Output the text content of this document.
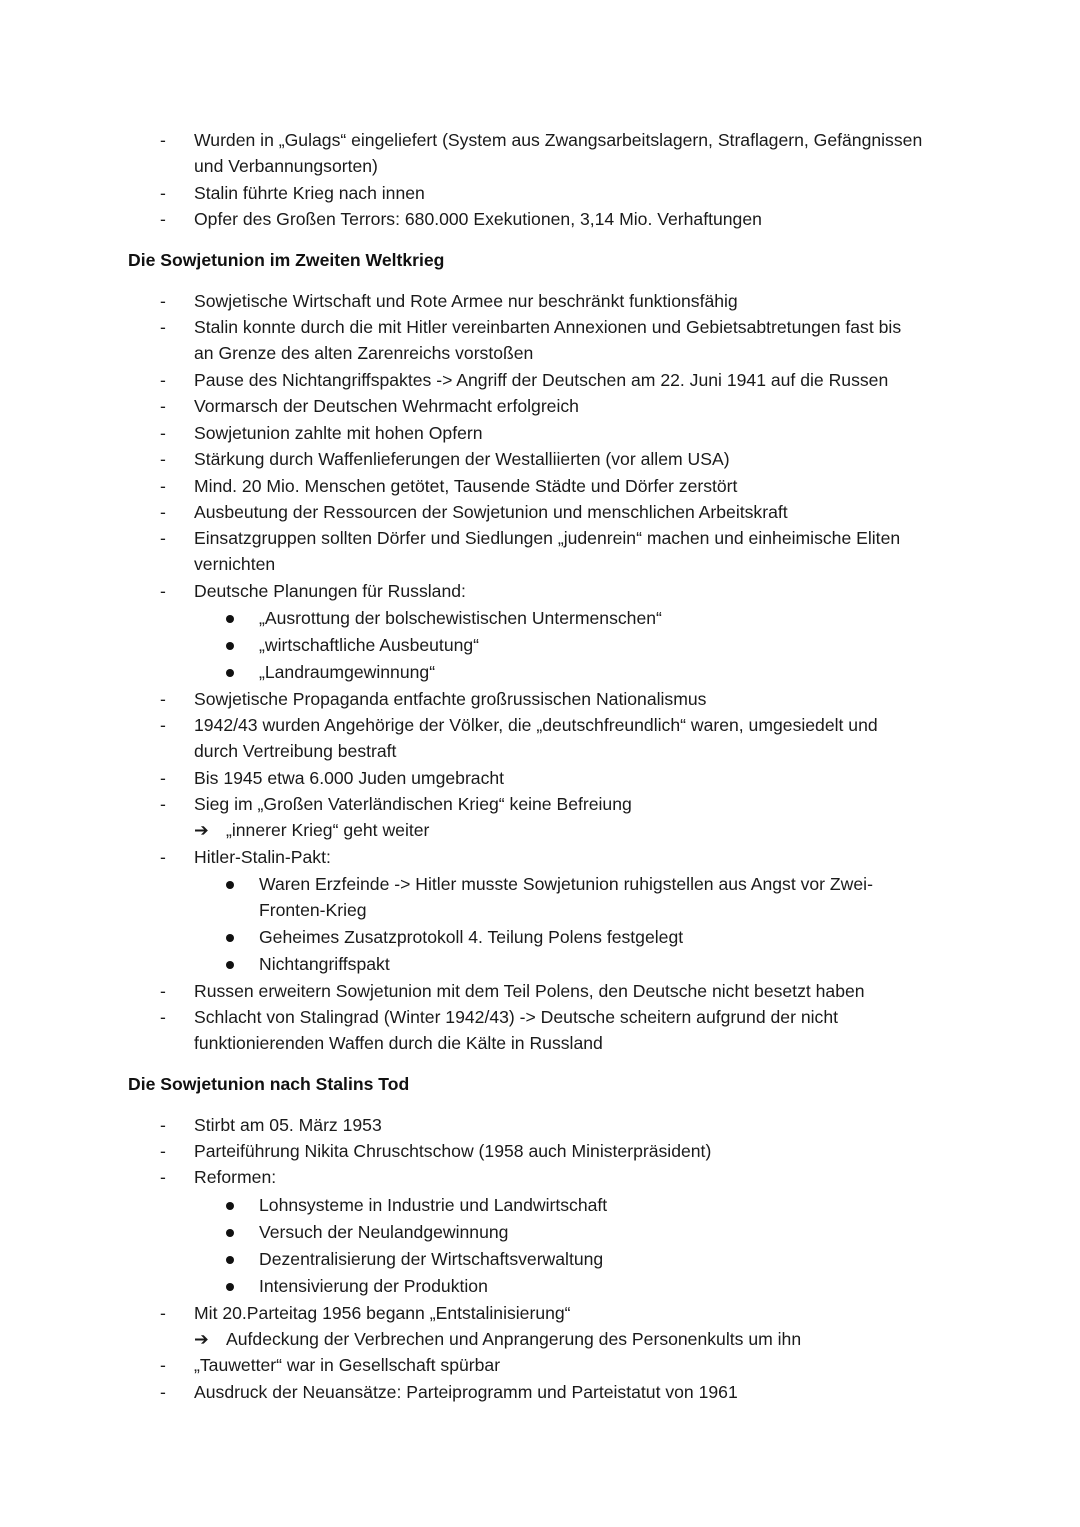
- Wurden in „Gulags“ eingeliefert (System aus Zwangsarbeitslagern, Straflagern, Gefängnissen
und Verbannungsorten)
- Stalin führte Krieg nach innen
- Opfer des Großen Terrors: 680.000 Exekutionen, 3,14 Mio. Verhaftungen
Die Sowjetunion im Zweiten Weltkrieg
- Sowjetische Wirtschaft und Rote Armee nur beschränkt funktionsfähig
- Stalin konnte durch die mit Hitler vereinbarten Annexionen und Gebietsabtretungen fast bis
an Grenze des alten Zarenreichs vorstoßen
- Pause des Nichtangriffspaktes -> Angriff der Deutschen am 22. Juni 1941 auf die Russen
- Vormarsch der Deutschen Wehrmacht erfolgreich
- Sowjetunion zahlte mit hohen Opfern
- Stärkung durch Waffenlieferungen der Westalliierten (vor allem USA)
- Mind. 20 Mio. Menschen getötet, Tausende Städte und Dörfer zerstört
- Ausbeutung der Ressourcen der Sowjetunion und menschlichen Arbeitskraft
- Einsatzgruppen sollten Dörfer und Siedlungen „judenrein“ machen und einheimische Eliten
vernichten
- Deutsche Planungen für Russland:
„Ausrottung der bolschewistischen Untermenschen“
„wirtschaftliche Ausbeutung“
„Landraumgewinnung“
- Sowjetische Propaganda entfachte großrussischen Nationalismus
- 1942/43 wurden Angehörige der Völker, die „deutschfreundlich“ waren, umgesiedelt und
durch Vertreibung bestraft
- Bis 1945 etwa 6.000 Juden umgebracht
- Sieg im „Großen Vaterländischen Krieg“ keine Befreiung
➔ „innerer Krieg“ geht weiter
- Hitler-Stalin-Pakt:
Waren Erzfeinde -> Hitler musste Sowjetunion ruhigstellen aus Angst vor Zwei-
Fronten-Krieg
Geheimes Zusatzprotokoll 4. Teilung Polens festgelegt
Nichtangriffspakt
- Russen erweitern Sowjetunion mit dem Teil Polens, den Deutsche nicht besetzt haben
- Schlacht von Stalingrad (Winter 1942/43) -> Deutsche scheitern aufgrund der nicht
funktionierenden Waffen durch die Kälte in Russland
Die Sowjetunion nach Stalins Tod
- Stirbt am 05. März 1953
- Parteiführung Nikita Chruschtschow (1958 auch Ministerpräsident)
- Reformen:
Lohnsysteme in Industrie und Landwirtschaft
Versuch der Neulandgewinnung
Dezentralisierung der Wirtschaftsverwaltung
Intensivierung der Produktion
- Mit 20.Parteitag 1956 begann „Entstalinisierung“
➔ Aufdeckung der Verbrechen und Anprangerung des Personenkults um ihn
- „Tauwetter“ war in Gesellschaft spürbar
- Ausdruck der Neuansätze: Parteiprogramm und Parteistatut von 1961
